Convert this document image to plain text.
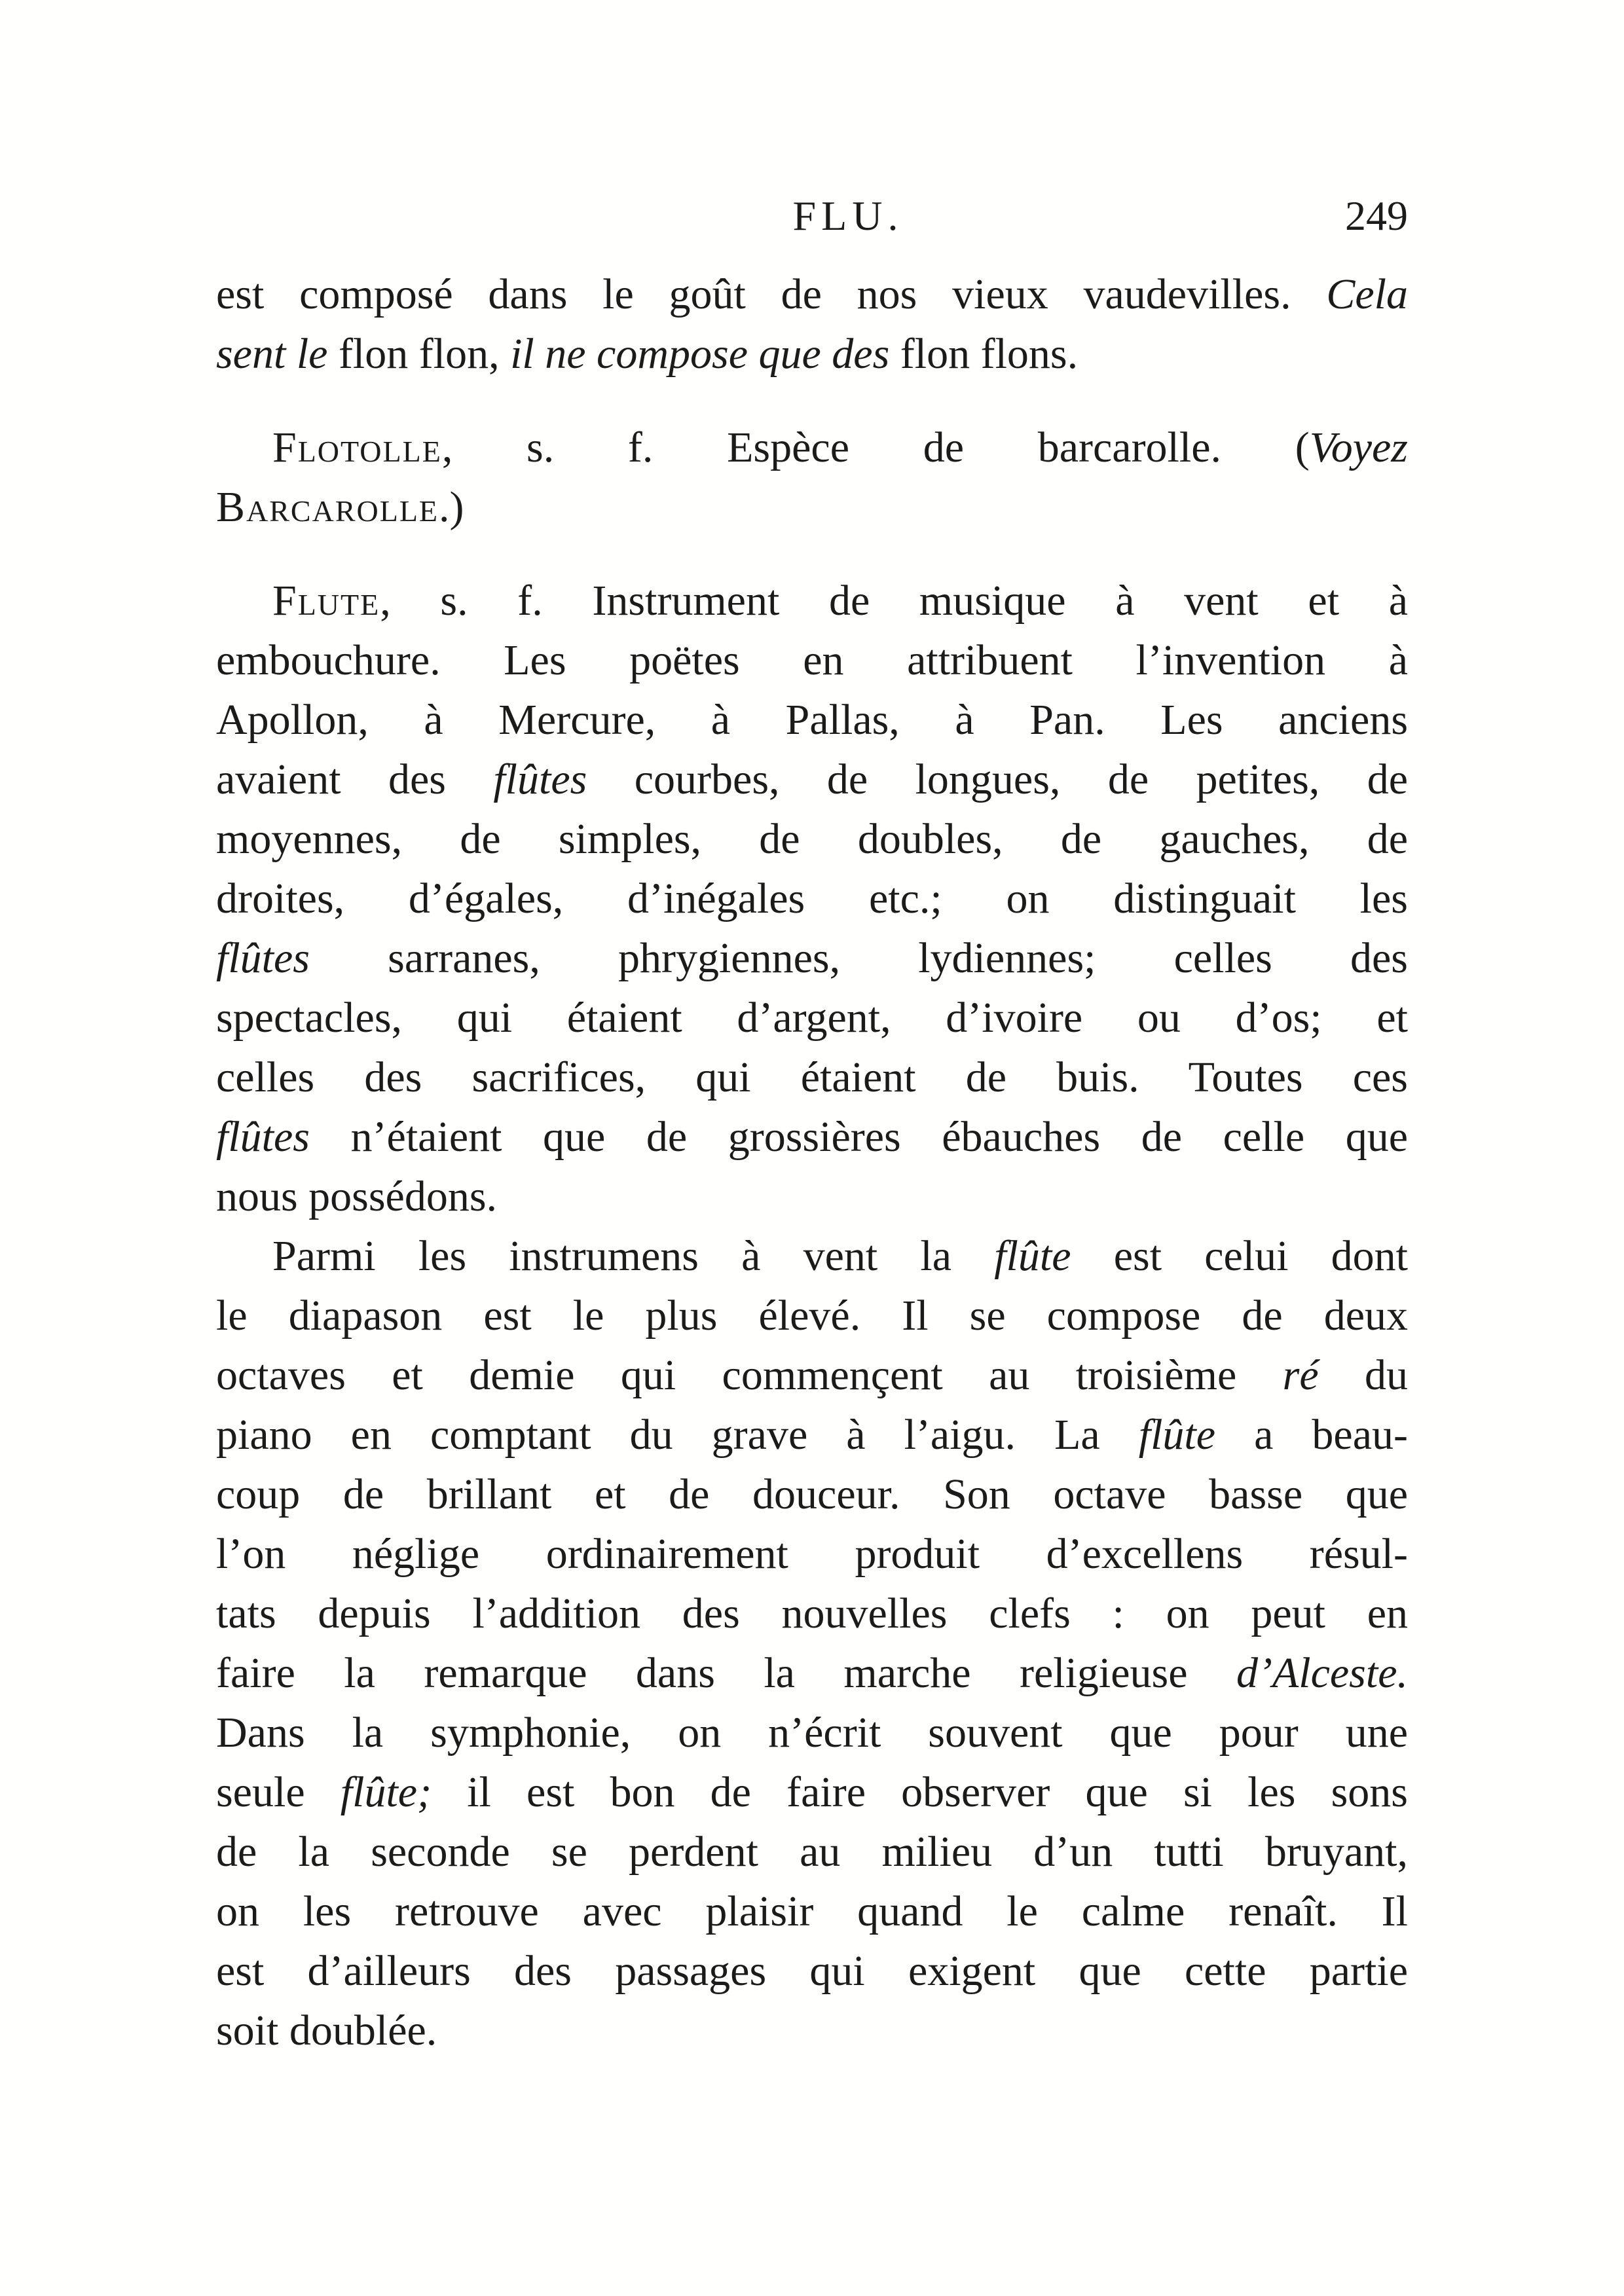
FLU.	249
est composé dans le goût de nos vieux vaudevilles. Cela
sent le flon flon, il ne compose que des flon flons.
Flotolle, s. f. Espèce de barcarolle. (Voyez
Barcarolle.)
Flute, s. f. Instrument de musique à vent et à
embouchure. Les poëtes en attribuent l’invention à
Apollon, à Mercure, à Pallas, à Pan. Les anciens
avaient des flûtes courbes, de longues, de petites, de
moyennes, de simples, de doubles, de gauches, de
droites, d’égales, d’inégales etc.; on distinguait les
flûtes sarranes, phrygiennes, lydiennes; celles des
spectacles, qui étaient d’argent, d’ivoire ou d’os; et
celles des sacrifices, qui étaient de buis. Toutes ces
flûtes n’étaient que de grossières ébauches de celle que
nous possédons.
Parmi les instrumens à vent la flûte est celui dont
le diapason est le plus élevé. Il se compose de deux
octaves et demie qui commençent au troisième ré du
piano en comptant du grave à l’aigu. La flûte a beau-
coup de brillant et de douceur. Son octave basse que
l’on néglige ordinairement produit d’excellens résul-
tats depuis l’addition des nouvelles clefs : on peut en
faire la remarque dans la marche religieuse d’Alceste.
Dans la symphonie, on n’écrit souvent que pour une
seule flûte; il est bon de faire observer que si les sons
de la seconde se perdent au milieu d’un tutti bruyant,
on les retrouve avec plaisir quand le calme renaît. Il
est d’ailleurs des passages qui exigent que cette partie
soit doublée.
